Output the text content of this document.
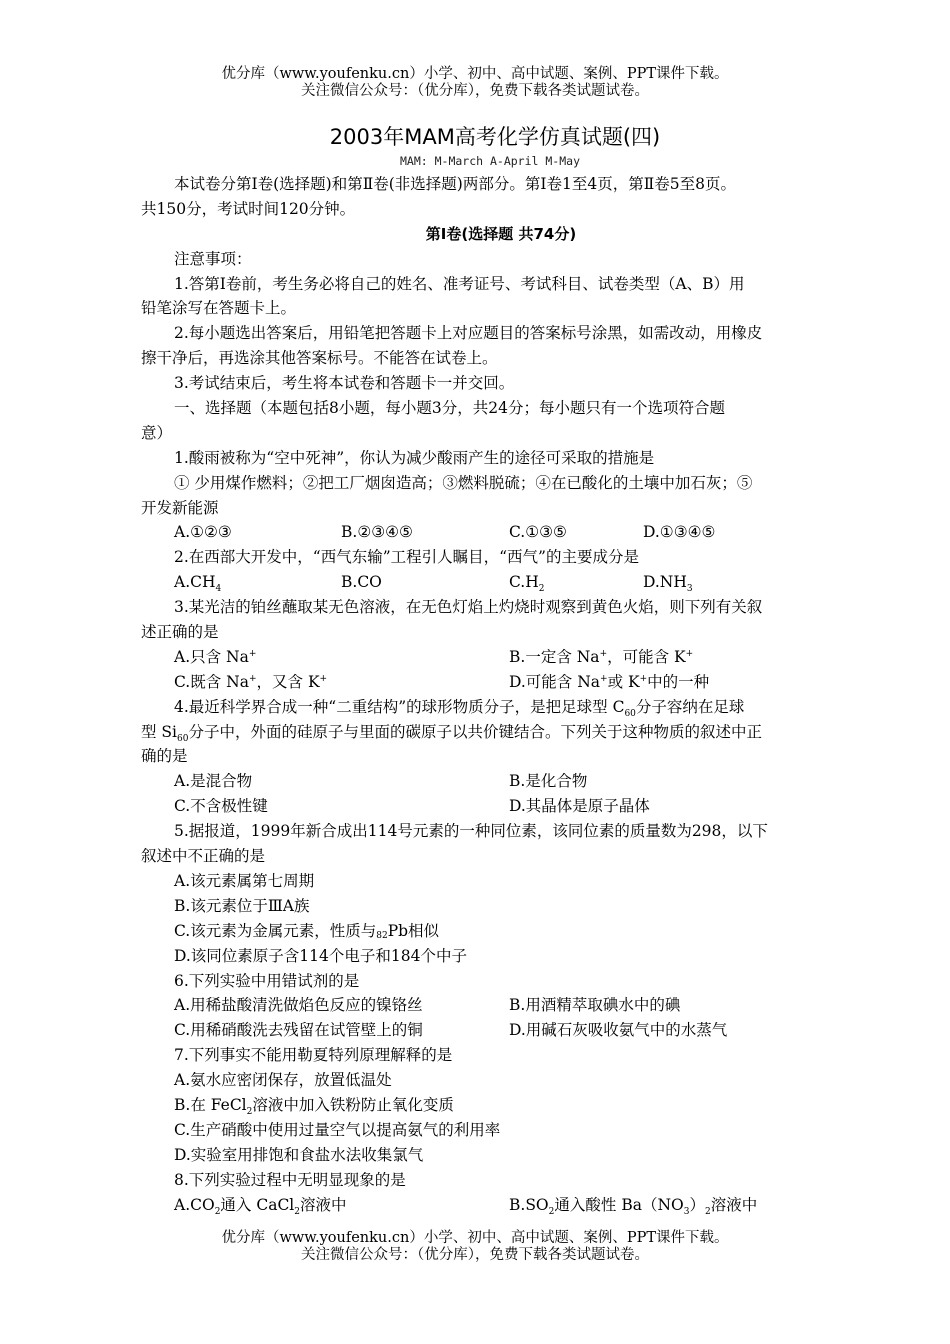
优分库（www.youfenku.cn）小学、初中、高中试题、案例、PPT课件下载。
关注微信公众号：（优分库），免费下载各类试题试卷。
2003年MAM高考化学仿真试题(四)
MAM: M-March A-April M-May
本试卷分第Ⅰ卷(选择题)和第Ⅱ卷(非选择题)两部分。第Ⅰ卷1至4页，第Ⅱ卷5至8页。
共150分，考试时间120分钟。
第Ⅰ卷(选择题 共74分)
注意事项：
1.答第Ⅰ卷前，考生务必将自己的姓名、准考证号、考试科目、试卷类型（A、B）用
铅笔涂写在答题卡上。
2.每小题选出答案后，用铅笔把答题卡上对应题目的答案标号涂黑，如需改动，用橡皮
擦干净后，再选涂其他答案标号。不能答在试卷上。
3.考试结束后，考生将本试卷和答题卡一并交回。
一、选择题（本题包括8小题，每小题3分，共24分；每小题只有一个选项符合题
意）
1.酸雨被称为“空中死神”，你认为减少酸雨产生的途径可采取的措施是
① 少用煤作燃料；②把工厂烟囱造高；③燃料脱硫；④在已酸化的土壤中加石灰；⑤
开发新能源
A.①②③	B.②③④⑤	C.①③⑤	D.①③④⑤
2.在西部大开发中，“西气东输”工程引人瞩目，“西气”的主要成分是
$A.CH_4$	B.CO	$C.H_2$	$D.NH_3$
3.某光洁的铂丝蘸取某无色溶液，在无色灯焰上灼烧时观察到黄色火焰，则下列有关叙
述正确的是
A.只含 Na+	B.一定含 Na+，可能含 K+
C.既含 Na+，又含 K+	D.可能含 Na+或 K+中的一种
4.最近科学界合成一种“二重结构”的球形物质分子，是把足球型 $C_{60}$分子容纳在足球
型 $Si_{60}$分子中，外面的硅原子与里面的碳原子以共价键结合。下列关于这种物质的叙述中正
确的是
A.是混合物	B.是化合物
C.不含极性键	D.其晶体是原子晶体
5.据报道，1999年新合成出114号元素的一种同位素，该同位素的质量数为298，以下
叙述中不正确的是
A.该元素属第七周期
B.该元素位于ⅢA族
C.该元素为金属元素，性质与82Pb相似
D.该同位素原子含114个电子和184个中子
6.下列实验中用错试剂的是
A.用稀盐酸清洗做焰色反应的镍铬丝	B.用酒精萃取碘水中的碘
C.用稀硝酸洗去残留在试管壁上的铜	D.用碱石灰吸收氨气中的水蒸气
7.下列事实不能用勒夏特列原理解释的是
A.氨水应密闭保存，放置低温处
B.在 FeCl$_2$溶液中加入铁粉防止氧化变质
C.生产硝酸中使用过量空气以提高氨气的利用率
D.实验室用排饱和食盐水法收集氯气
8.下列实验过程中无明显现象的是
$A.CO_2$通入 CaCl$_2$溶液中	$B.SO_2$通入酸性 $Ba(NO_3)_2$溶液中
优分库（www.youfenku.cn）小学、初中、高中试题、案例、PPT课件下载。
关注微信公众号：（优分库），免费下载各类试题试卷。
